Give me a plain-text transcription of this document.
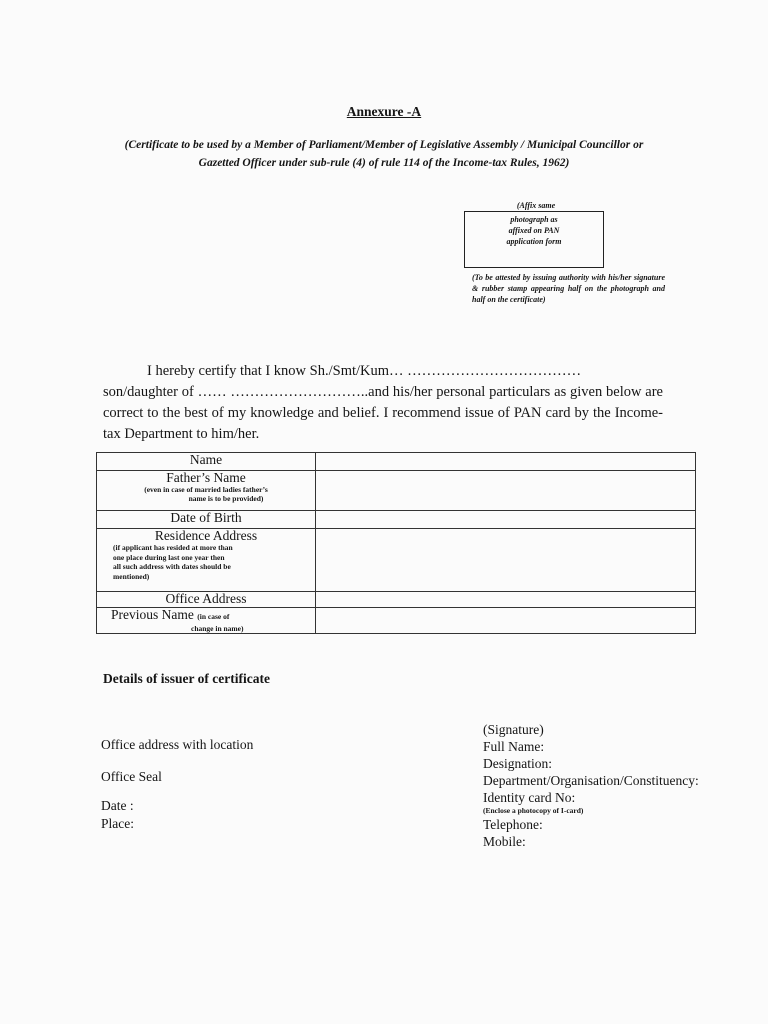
Annexure -A
(Certificate to be used by a Member of Parliament/Member of Legislative Assembly / Municipal Councillor or
Gazetted Officer under sub-rule (4) of rule 114 of the Income-tax Rules, 1962)
(Affix same
photograph as
affixed on PAN
application form
(To be attested by issuing authority with his/her signature & rubber stamp appearing half on the photograph and half on the certificate)
I hereby certify that I know Sh./Smt/Kum… ………………………………
son/daughter of …… ………………………..and his/her personal particulars as given below are correct to the best of my knowledge and belief. I recommend issue of PAN card by the Income-tax Department to him/her.
Name	
Father’s Name
(even in case of married ladies father’s
name is to be provided)	

Date of Birth	
Residence Address
(if applicant has resided at more than
one place during last one year then
all such address with dates should be
mentioned)	

Office Address	
Previous Name (in case of
change in name)	

Details of issuer of certificate
Office address with location
Office Seal
Date :
Place:
(Signature)
Full Name:
Designation:
Department/Organisation/Constituency:
Identity card No:
(Enclose a photocopy of I-card)
Telephone:
Mobile:
